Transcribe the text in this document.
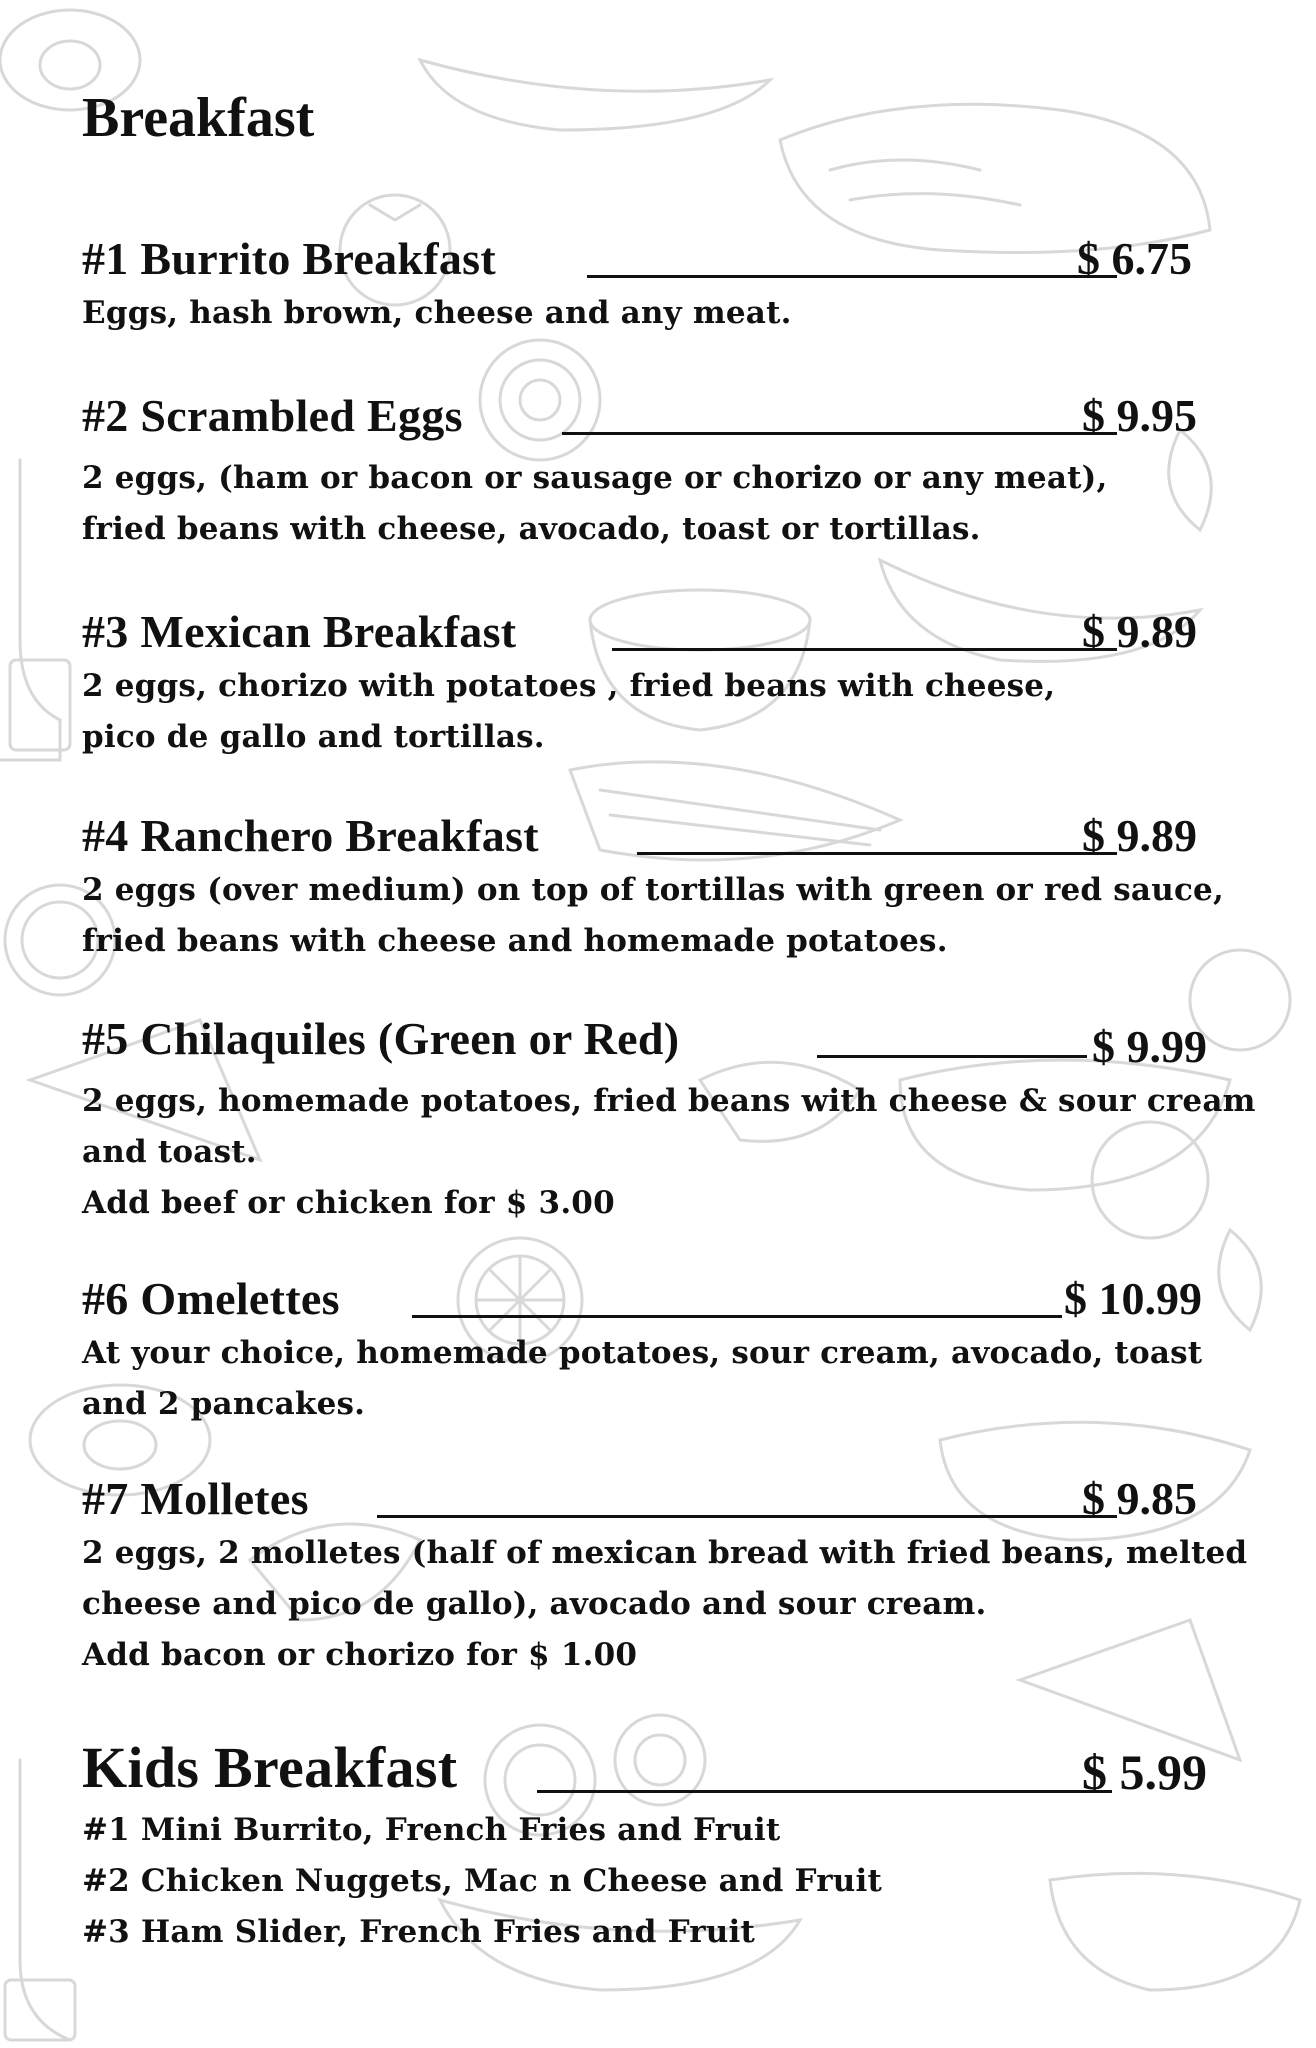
Breakfast
#1 Burrito Breakfast	$ 6.75
Eggs, hash brown, cheese and any meat.
#2 Scrambled Eggs	$ 9.95
2 eggs, (ham or bacon or sausage or chorizo or any meat),
fried beans with cheese, avocado, toast or tortillas.
#3 Mexican Breakfast	$ 9.89
2 eggs, chorizo with potatoes , fried beans with cheese,
pico de gallo and tortillas.
#4 Ranchero Breakfast	$ 9.89
2 eggs (over medium) on top of tortillas with green or red sauce,
fried beans with cheese and homemade potatoes.
#5 Chilaquiles (Green or Red)	$ 9.99
2 eggs, homemade potatoes, fried beans with cheese & sour cream
and toast.
Add beef or chicken for $ 3.00
#6 Omelettes	$ 10.99
At your choice, homemade potatoes, sour cream, avocado, toast
and 2 pancakes.
#7 Molletes	$ 9.85
2 eggs, 2 molletes (half of mexican bread with fried beans, melted
cheese and pico de gallo), avocado and sour cream.
Add bacon or chorizo for $ 1.00
Kids Breakfast	$ 5.99
#1 Mini Burrito, French Fries and Fruit
#2 Chicken Nuggets, Mac n Cheese and Fruit
#3 Ham Slider, French Fries and Fruit
